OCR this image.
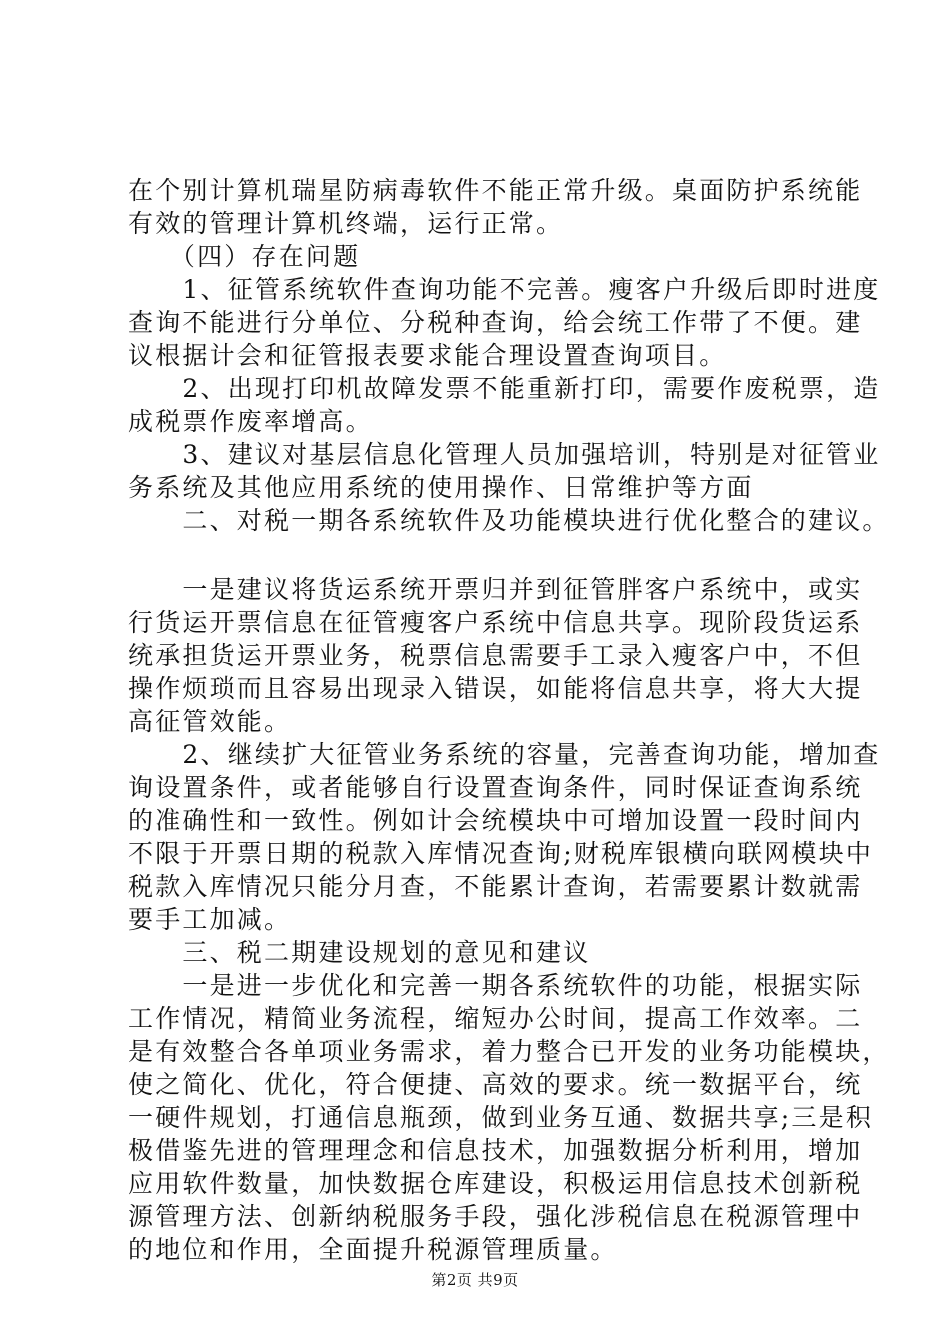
在个别计算机瑞星防病毒软件不能正常升级。桌面防护系统能
有效的管理计算机终端，运行正常。
　　（四）存在问题
　　1、征管系统软件查询功能不完善。瘦客户升级后即时进度
查询不能进行分单位、分税种查询，给会统工作带了不便。建
议根据计会和征管报表要求能合理设置查询项目。
　　2、出现打印机故障发票不能重新打印，需要作废税票，造
成税票作废率增高。
　　3、建议对基层信息化管理人员加强培训，特别是对征管业
务系统及其他应用系统的使用操作、日常维护等方面
　　二、对税一期各系统软件及功能模块进行优化整合的建议。
　　一是建议将货运系统开票归并到征管胖客户系统中，或实
行货运开票信息在征管瘦客户系统中信息共享。现阶段货运系
统承担货运开票业务，税票信息需要手工录入瘦客户中，不但
操作烦琐而且容易出现录入错误，如能将信息共享，将大大提
高征管效能。
　　2、继续扩大征管业务系统的容量，完善查询功能，增加查
询设置条件，或者能够自行设置查询条件，同时保证查询系统
的准确性和一致性。例如计会统模块中可增加设置一段时间内
不限于开票日期的税款入库情况查询;财税库银横向联网模块中
税款入库情况只能分月查，不能累计查询，若需要累计数就需
要手工加减。
　　三、税二期建设规划的意见和建议
　　一是进一步优化和完善一期各系统软件的功能，根据实际
工作情况，精简业务流程，缩短办公时间，提高工作效率。二
是有效整合各单项业务需求，着力整合已开发的业务功能模块，
使之简化、优化，符合便捷、高效的要求。统一数据平台，统
一硬件规划，打通信息瓶颈，做到业务互通、数据共享;三是积
极借鉴先进的管理理念和信息技术，加强数据分析利用，增加
应用软件数量，加快数据仓库建设，积极运用信息技术创新税
源管理方法、创新纳税服务手段，强化涉税信息在税源管理中
的地位和作用，全面提升税源管理质量。
第2页 共9页
